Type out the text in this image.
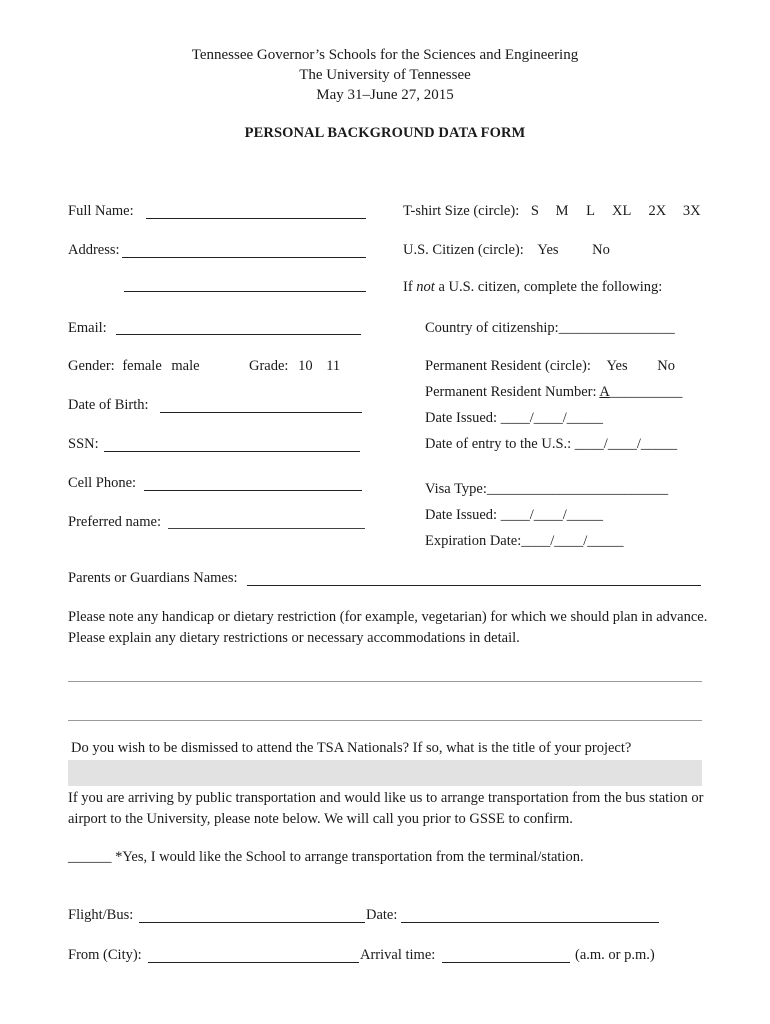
Tennessee Governor’s Schools for the Sciences and Engineering
The University of Tennessee
May 31–June 27, 2015
PERSONAL BACKGROUND DATA FORM
Full Name:
Address:
Email:
Gender: female male	Grade: 10 11
Date of Birth:
SSN:
Cell Phone:
Preferred name:
T-shirt Size (circle): S M L XL 2X 3X
U.S. Citizen (circle): Yes No
If not a U.S. citizen, complete the following:
Country of citizenship:________________
Permanent Resident (circle): Yes No
Permanent Resident Number: A__________
Date Issued: ____/____/_____
Date of entry to the U.S.: ____/____/_____
Visa Type:_________________________
Date Issued: ____/____/_____
Expiration Date:____/____/_____
Parents or Guardians Names:
Please note any handicap or dietary restriction (for example, vegetarian) for which we should plan in advance. Please explain any dietary restrictions or necessary accommodations in detail.
Do you wish to be dismissed to attend the TSA Nationals? If so, what is the title of your project?
If you are arriving by public transportation and would like us to arrange transportation from the bus station or airport to the University, please note below. We will call you prior to GSSE to confirm.
______ *Yes, I would like the School to arrange transportation from the terminal/station.
Flight/Bus:	Date:
From (City):	Arrival time:	(a.m. or p.m.)
